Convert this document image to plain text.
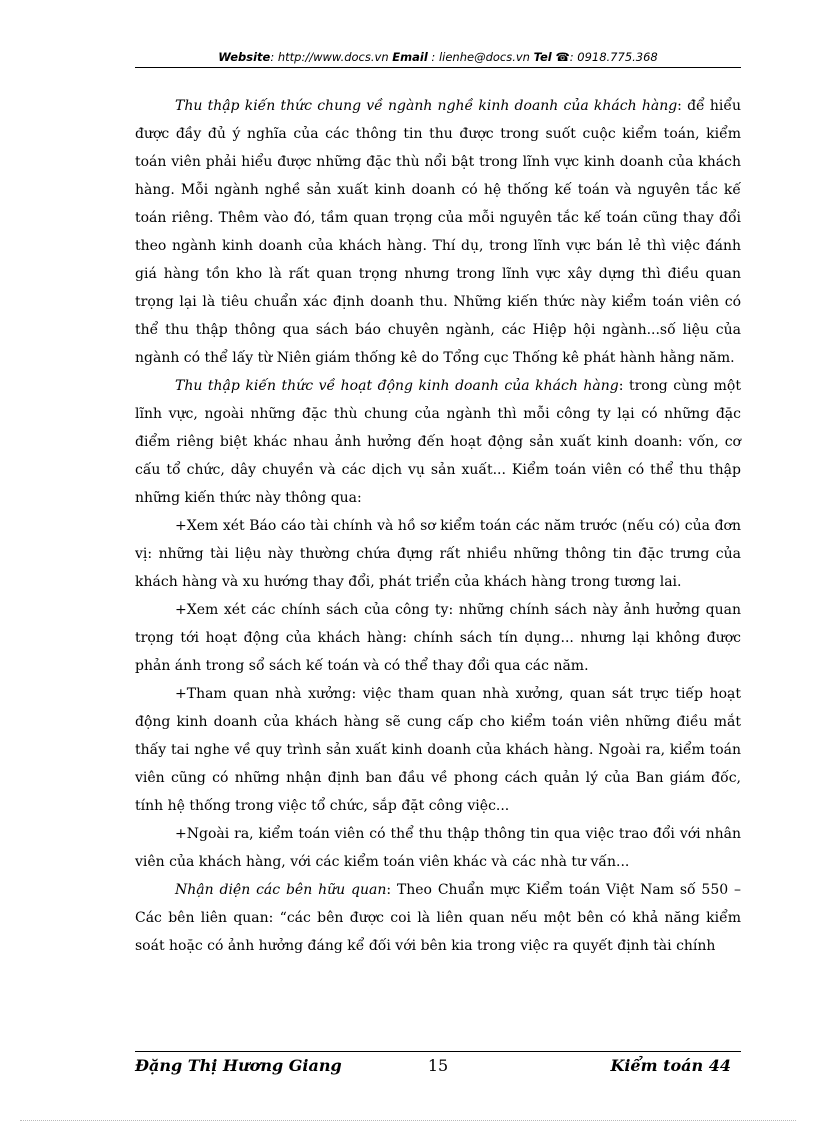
Website: http://www.docs.vn Email : lienhe@docs.vn Tel ☎: 0918.775.368

Thu thập kiến thức chung về ngành nghề kinh doanh của khách hàng: để hiểu được đầy đủ ý nghĩa của các thông tin thu được trong suốt cuộc kiểm toán, kiểm toán viên phải hiểu được những đặc thù nổi bật trong lĩnh vực kinh doanh của khách hàng. Mỗi ngành nghề sản xuất kinh doanh có hệ thống kế toán và nguyên tắc kế toán riêng. Thêm vào đó, tầm quan trọng của mỗi nguyên tắc kế toán cũng thay đổi theo ngành kinh doanh của khách hàng. Thí dụ, trong lĩnh vực bán lẻ thì việc đánh giá hàng tồn kho là rất quan trọng nhưng trong lĩnh vực xây dựng thì điều quan trọng lại là tiêu chuẩn xác định doanh thu. Những kiến thức này kiểm toán viên có thể thu thập thông qua sách báo chuyên ngành, các Hiệp hội ngành...số liệu của ngành có thể lấy từ Niên giám thống kê do Tổng cục Thống kê phát hành hằng năm.

Thu thập kiến thức về hoạt động kinh doanh của khách hàng: trong cùng một lĩnh vực, ngoài những đặc thù chung của ngành thì mỗi công ty lại có những đặc điểm riêng biệt khác nhau ảnh hưởng đến hoạt động sản xuất kinh doanh: vốn, cơ cấu tổ chức, dây chuyền và các dịch vụ sản xuất... Kiểm toán viên có thể thu thập những kiến thức này thông qua:

+Xem xét Báo cáo tài chính và hồ sơ kiểm toán các năm trước (nếu có) của đơn vị: những tài liệu này thường chứa đựng rất nhiều những thông tin đặc trưng của khách hàng và xu hướng thay đổi, phát triển của khách hàng trong tương lai.

+Xem xét các chính sách của công ty: những chính sách này ảnh hưởng quan trọng tới hoạt động của khách hàng: chính sách tín dụng... nhưng lại không được phản ánh trong sổ sách kế toán và có thể thay đổi qua các năm.

+Tham quan nhà xưởng: việc tham quan nhà xưởng, quan sát trực tiếp hoạt động kinh doanh của khách hàng sẽ cung cấp cho kiểm toán viên những điều mắt thấy tai nghe về quy trình sản xuất kinh doanh của khách hàng. Ngoài ra, kiểm toán viên cũng có những nhận định ban đầu về phong cách quản lý của Ban giám đốc, tính hệ thống trong việc tổ chức, sắp đặt công việc...

+Ngoài ra, kiểm toán viên có thể thu thập thông tin qua việc trao đổi với nhân viên của khách hàng, với các kiểm toán viên khác và các nhà tư vấn...

Nhận diện các bên hữu quan: Theo Chuẩn mực Kiểm toán Việt Nam số 550 – Các bên liên quan: “các bên được coi là liên quan nếu một bên có khả năng kiểm soát hoặc có ảnh hưởng đáng kể đối với bên kia trong việc ra quyết định tài chính

Đặng Thị Hương Giang	15	Kiểm toán 44
